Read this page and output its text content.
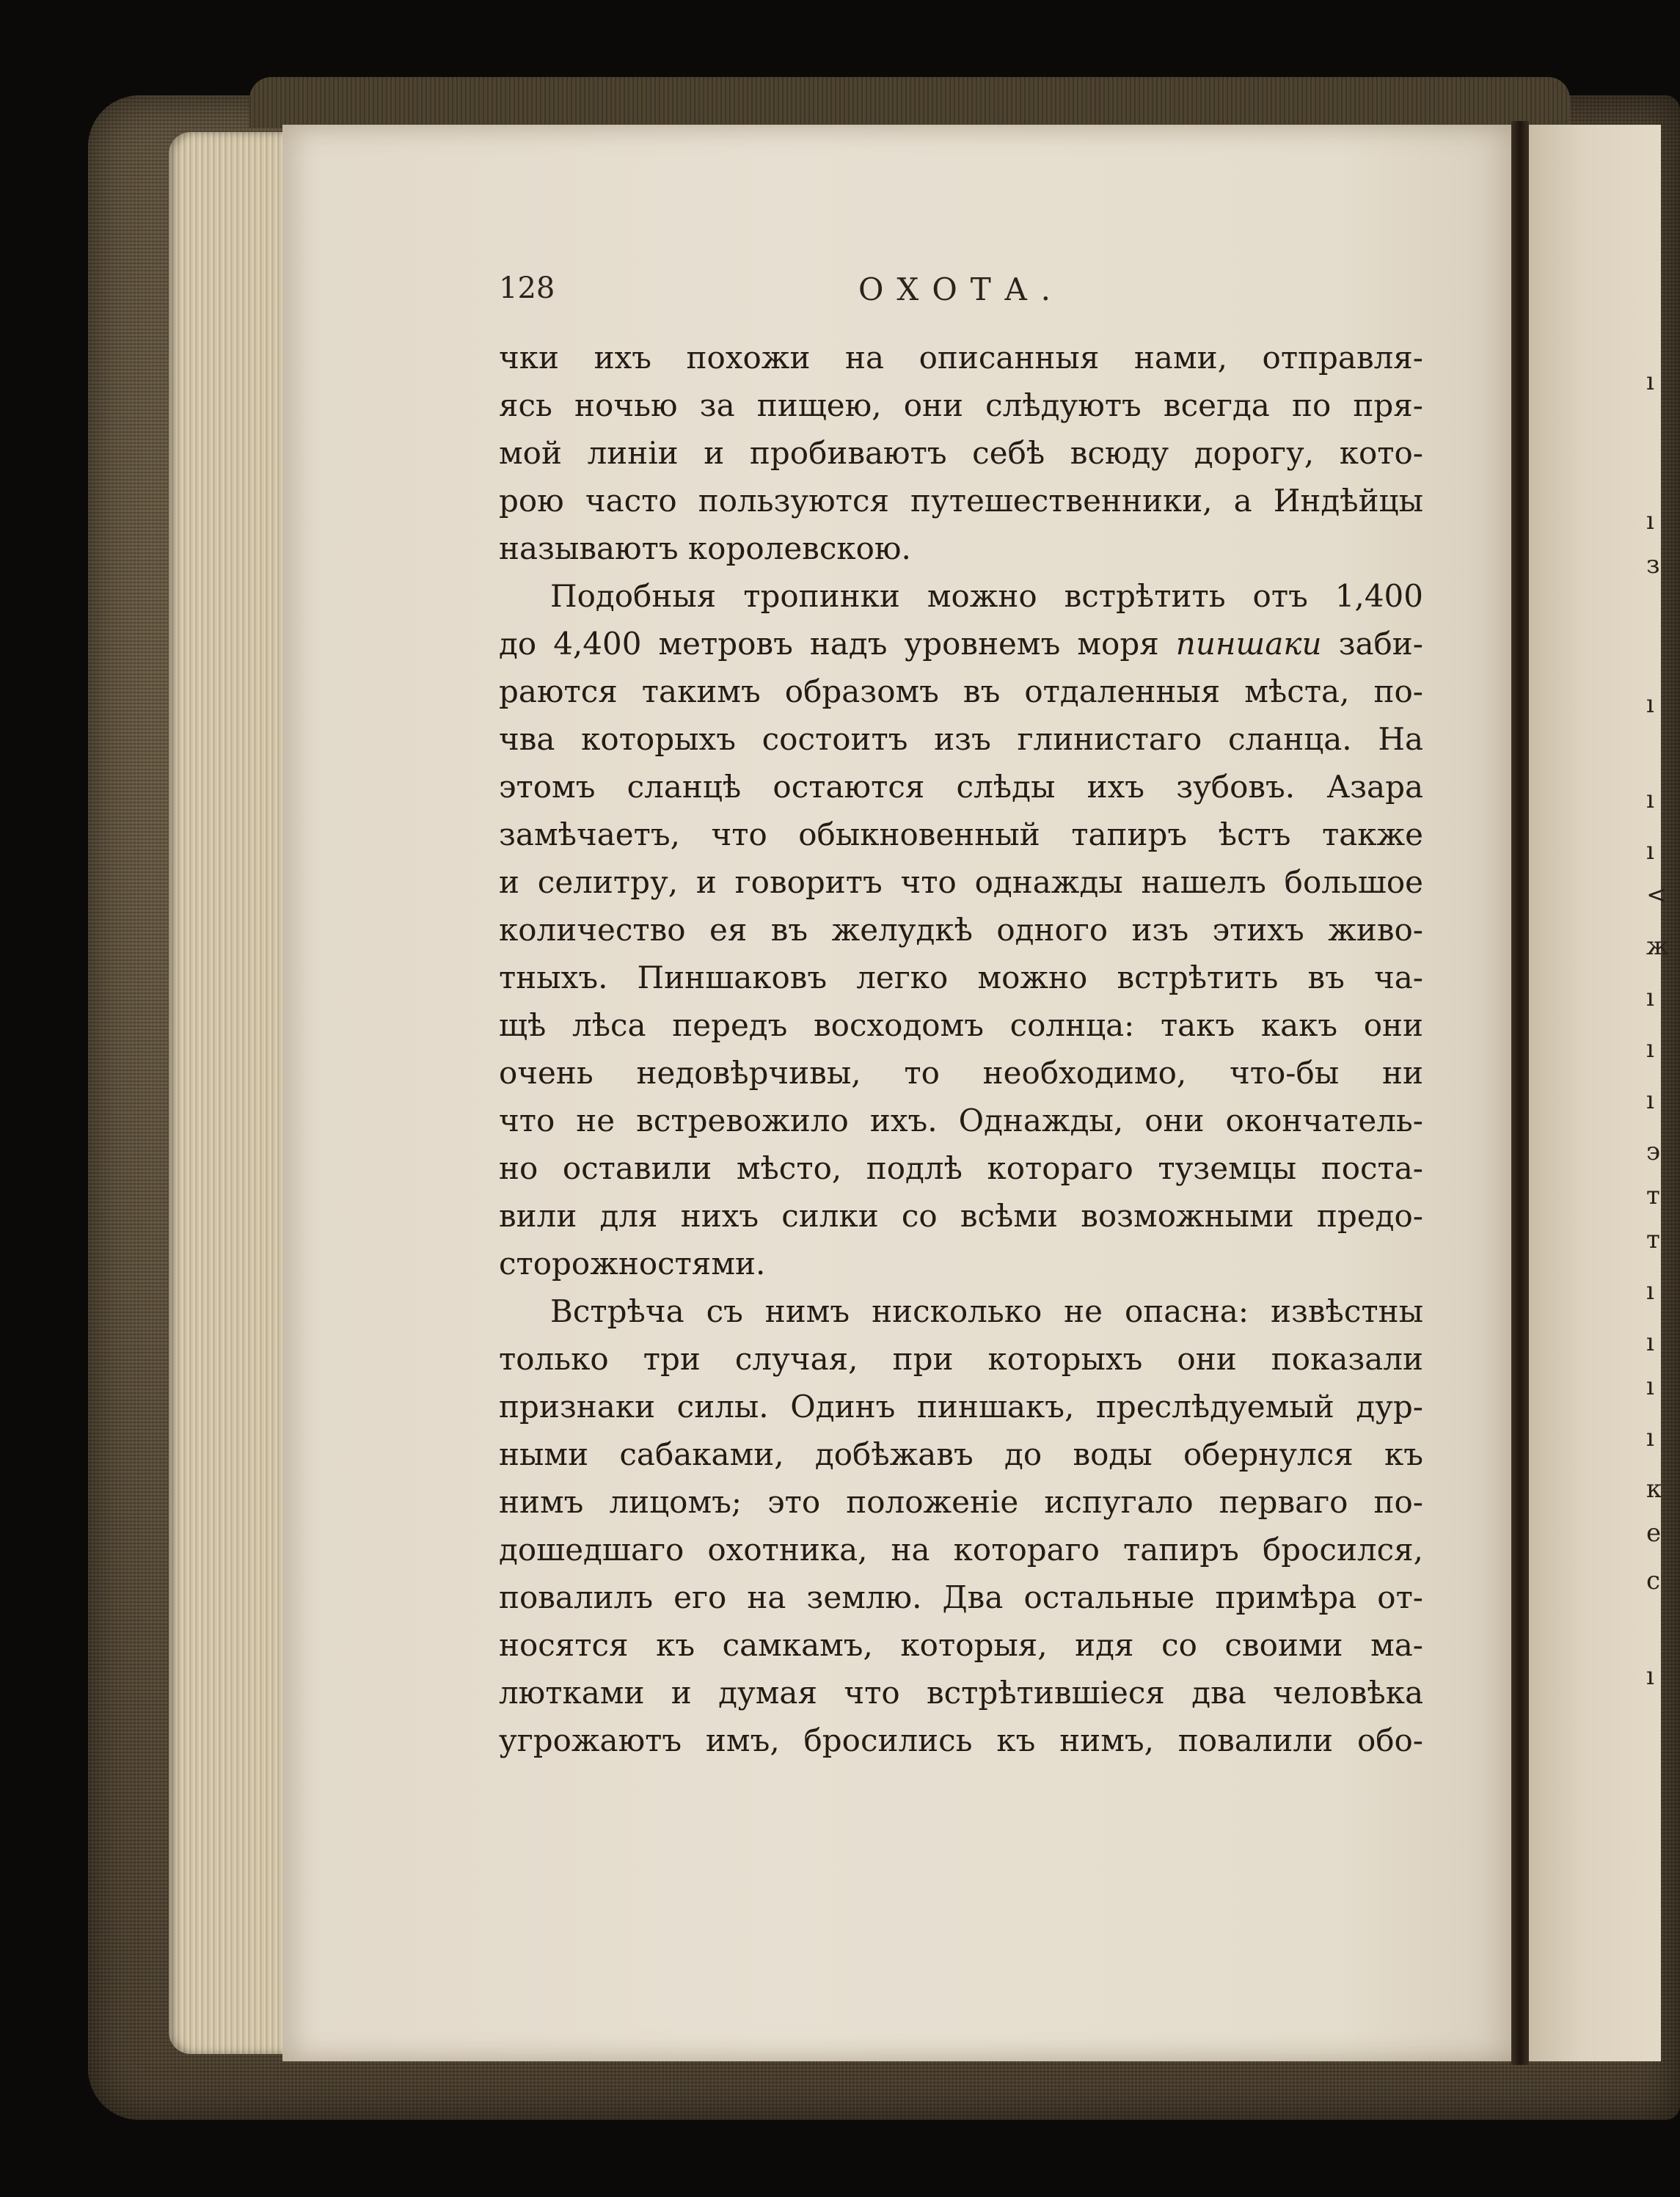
ı
ı
з
ı
ı
ı
<
ж
ı
ı
ı
э
т
т
ı
ı
ı
ı
к
е
с
ı
128	ОХОТА.
чки ихъ похожи на описанныя нами, отправля-
ясь ночью за пищею, они слѣдуютъ всегда по пря-
мой линіи и пробиваютъ себѣ всюду дорогу, кото-
рою часто пользуются путешественники, а Индѣйцы
называютъ королевскою.
Подобныя тропинки можно встрѣтить отъ 1,400
до 4,400 метровъ надъ уровнемъ моря пиншаки заби-
раются такимъ образомъ въ отдаленныя мѣста, по-
чва которыхъ состоитъ изъ глинистаго сланца. На
этомъ сланцѣ остаются слѣды ихъ зубовъ. Азара
замѣчаетъ, что обыкновенный тапиръ ѣстъ также
и селитру, и говоритъ что однажды нашелъ большое
количество ея въ желудкѣ одного изъ этихъ живо-
тныхъ. Пиншаковъ легко можно встрѣтить въ ча-
щѣ лѣса передъ восходомъ солнца: такъ какъ они
очень недовѣрчивы, то необходимо, что-бы ни
что не встревожило ихъ. Однажды, они окончатель-
но оставили мѣсто, подлѣ котораго туземцы поста-
вили для нихъ силки со всѣми возможными предо-
сторожностями.
Встрѣча съ нимъ нисколько не опасна: извѣстны
только три случая, при которыхъ они показали
признаки силы. Одинъ пиншакъ, преслѣдуемый дур-
ными сабаками, добѣжавъ до воды обернулся къ
нимъ лицомъ; это положеніе испугало перваго по-
дошедшаго охотника, на котораго тапиръ бросился,
повалилъ его на землю. Два остальные примѣра от-
носятся къ самкамъ, которыя, идя со своими ма-
лютками и думая что встрѣтившіеся два человѣка
угрожаютъ имъ, бросились къ нимъ, повалили обо-
